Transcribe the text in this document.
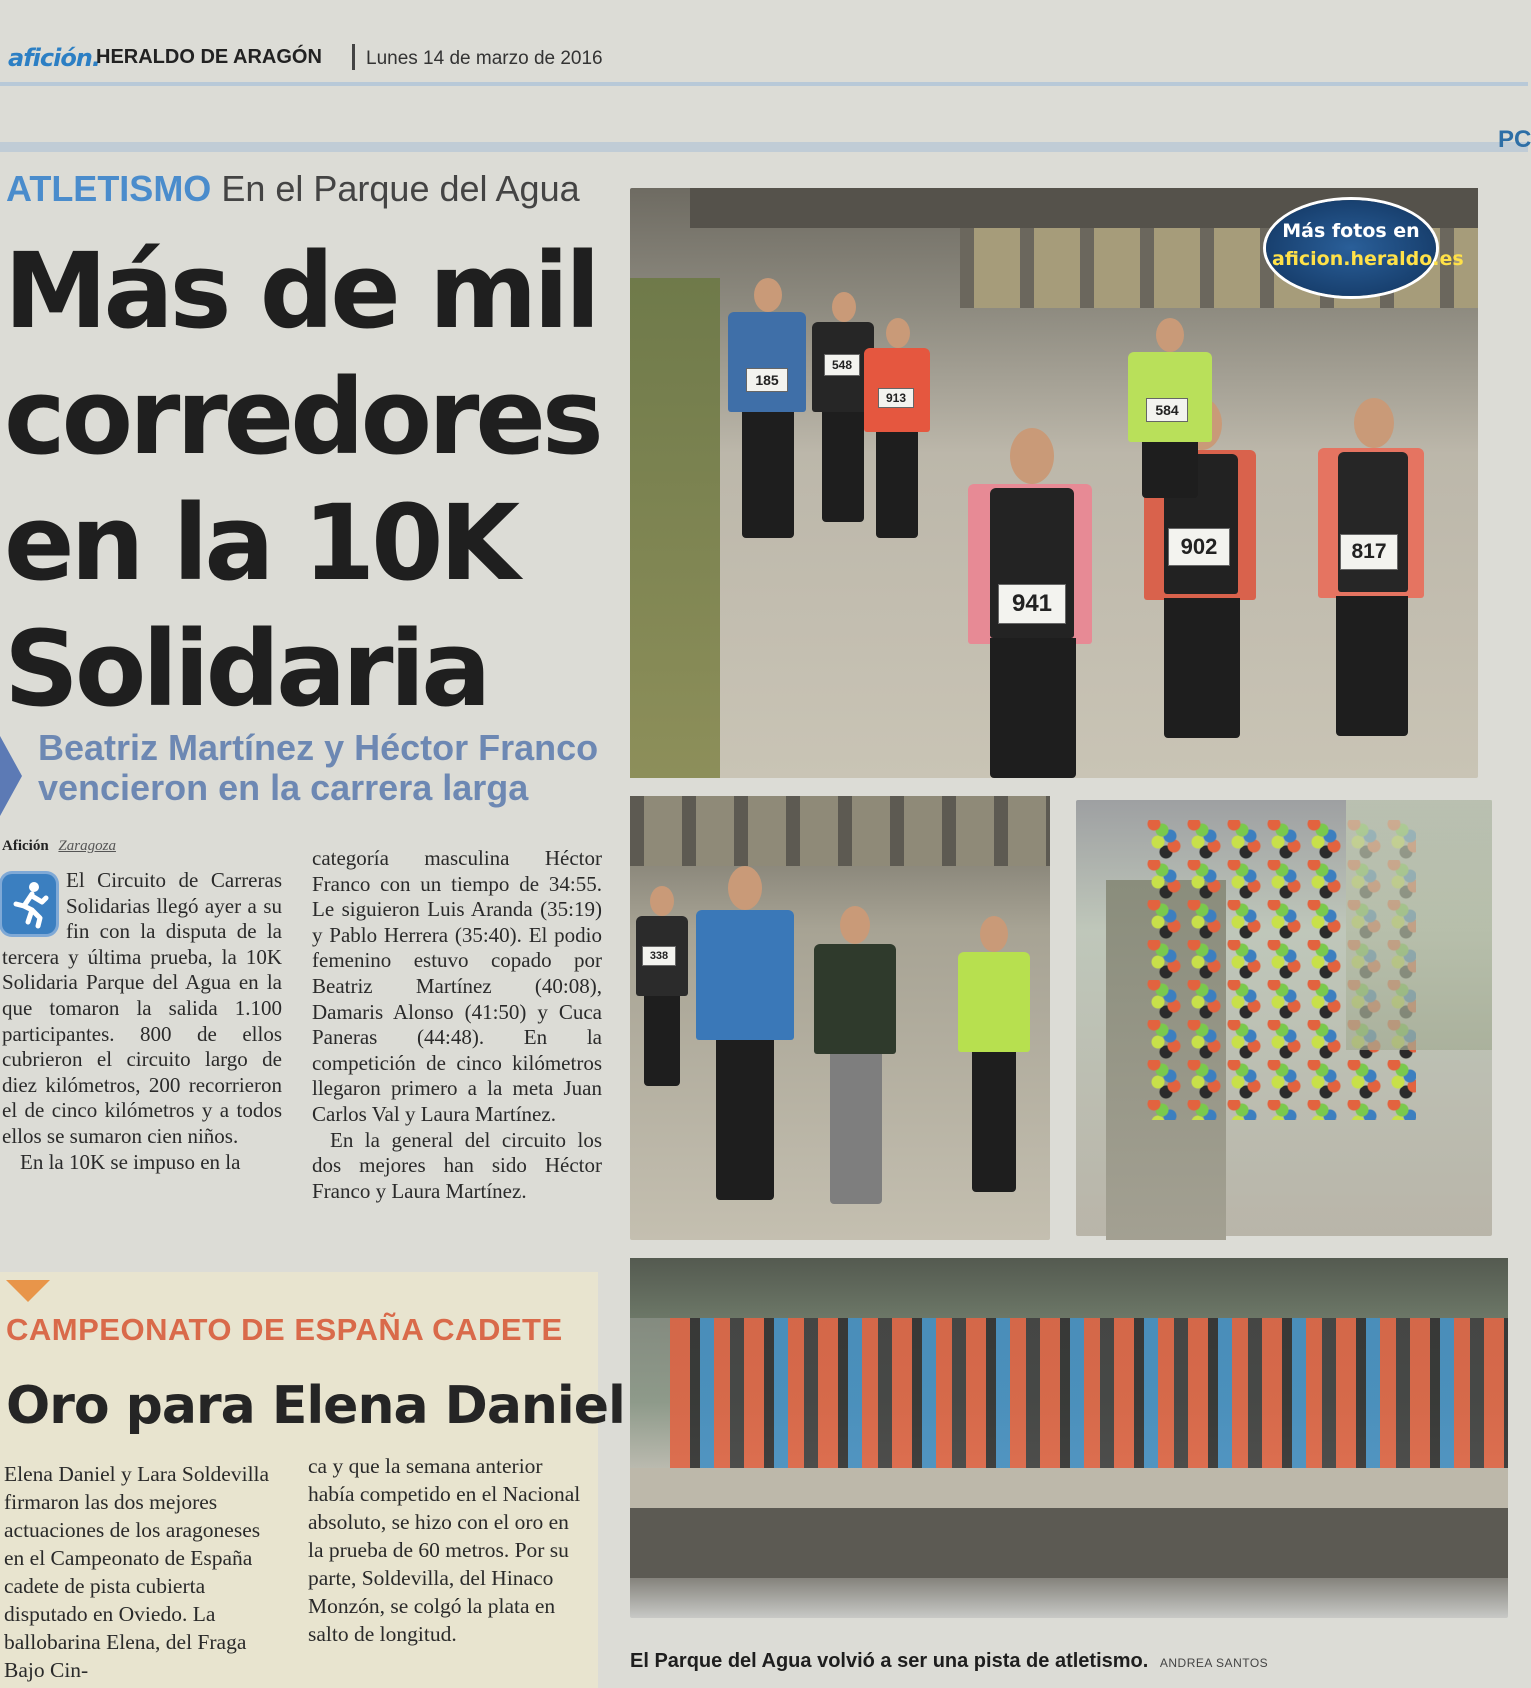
afición.
HERALDO DE ARAGÓN Lunes 14 de marzo de 2016
PC
ATLETISMO En el Parque del Agua
Más de mil corredores en la 10K Solidaria
Beatriz Martínez y Héctor Franco vencieron en la carrera larga
Afición Zaragoza

El Circuito de Carreras Solidarias llegó ayer a su fin con la disputa de la tercera y última prueba, la 10K Solidaria Parque del Agua en la que tomaron la salida 1.100 participantes. 800 de ellos cubrieron el circuito largo de diez kilómetros, 200 recorrieron el de cinco kilómetros y a todos ellos se sumaron cien niños.

En la 10K se impuso en la

categoría masculina Héctor Franco con un tiempo de 34:55. Le siguieron Luis Aranda (35:19) y Pablo Herrera (35:40). El podio femenino estuvo copado por Beatriz Martínez (40:08), Damaris Alonso (41:50) y Cuca Paneras (44:48). En la competición de cinco kilómetros llegaron primero a la meta Juan Carlos Val y Laura Martínez.

En la general del circuito los dos mejores han sido Héctor Franco y Laura Martínez.

941
902	817
584
185
548
913
Más fotos en
aficion.heraldo.es
338
El Parque del Agua volvió a ser una pista de atletismo. ANDREA SANTOS
CAMPEONATO DE ESPAÑA CADETE
Oro para Elena Daniel

Elena Daniel y Lara Soldevilla firmaron las dos mejores actuaciones de los aragoneses en el Campeonato de España cadete de pista cubierta disputado en Oviedo. La ballobarina Elena, del Fraga Bajo Cin-

ca y que la semana anterior había competido en el Nacional absoluto, se hizo con el oro en la prueba de 60 metros. Por su parte, Soldevilla, del Hinaco Monzón, se colgó la plata en salto de longitud.
